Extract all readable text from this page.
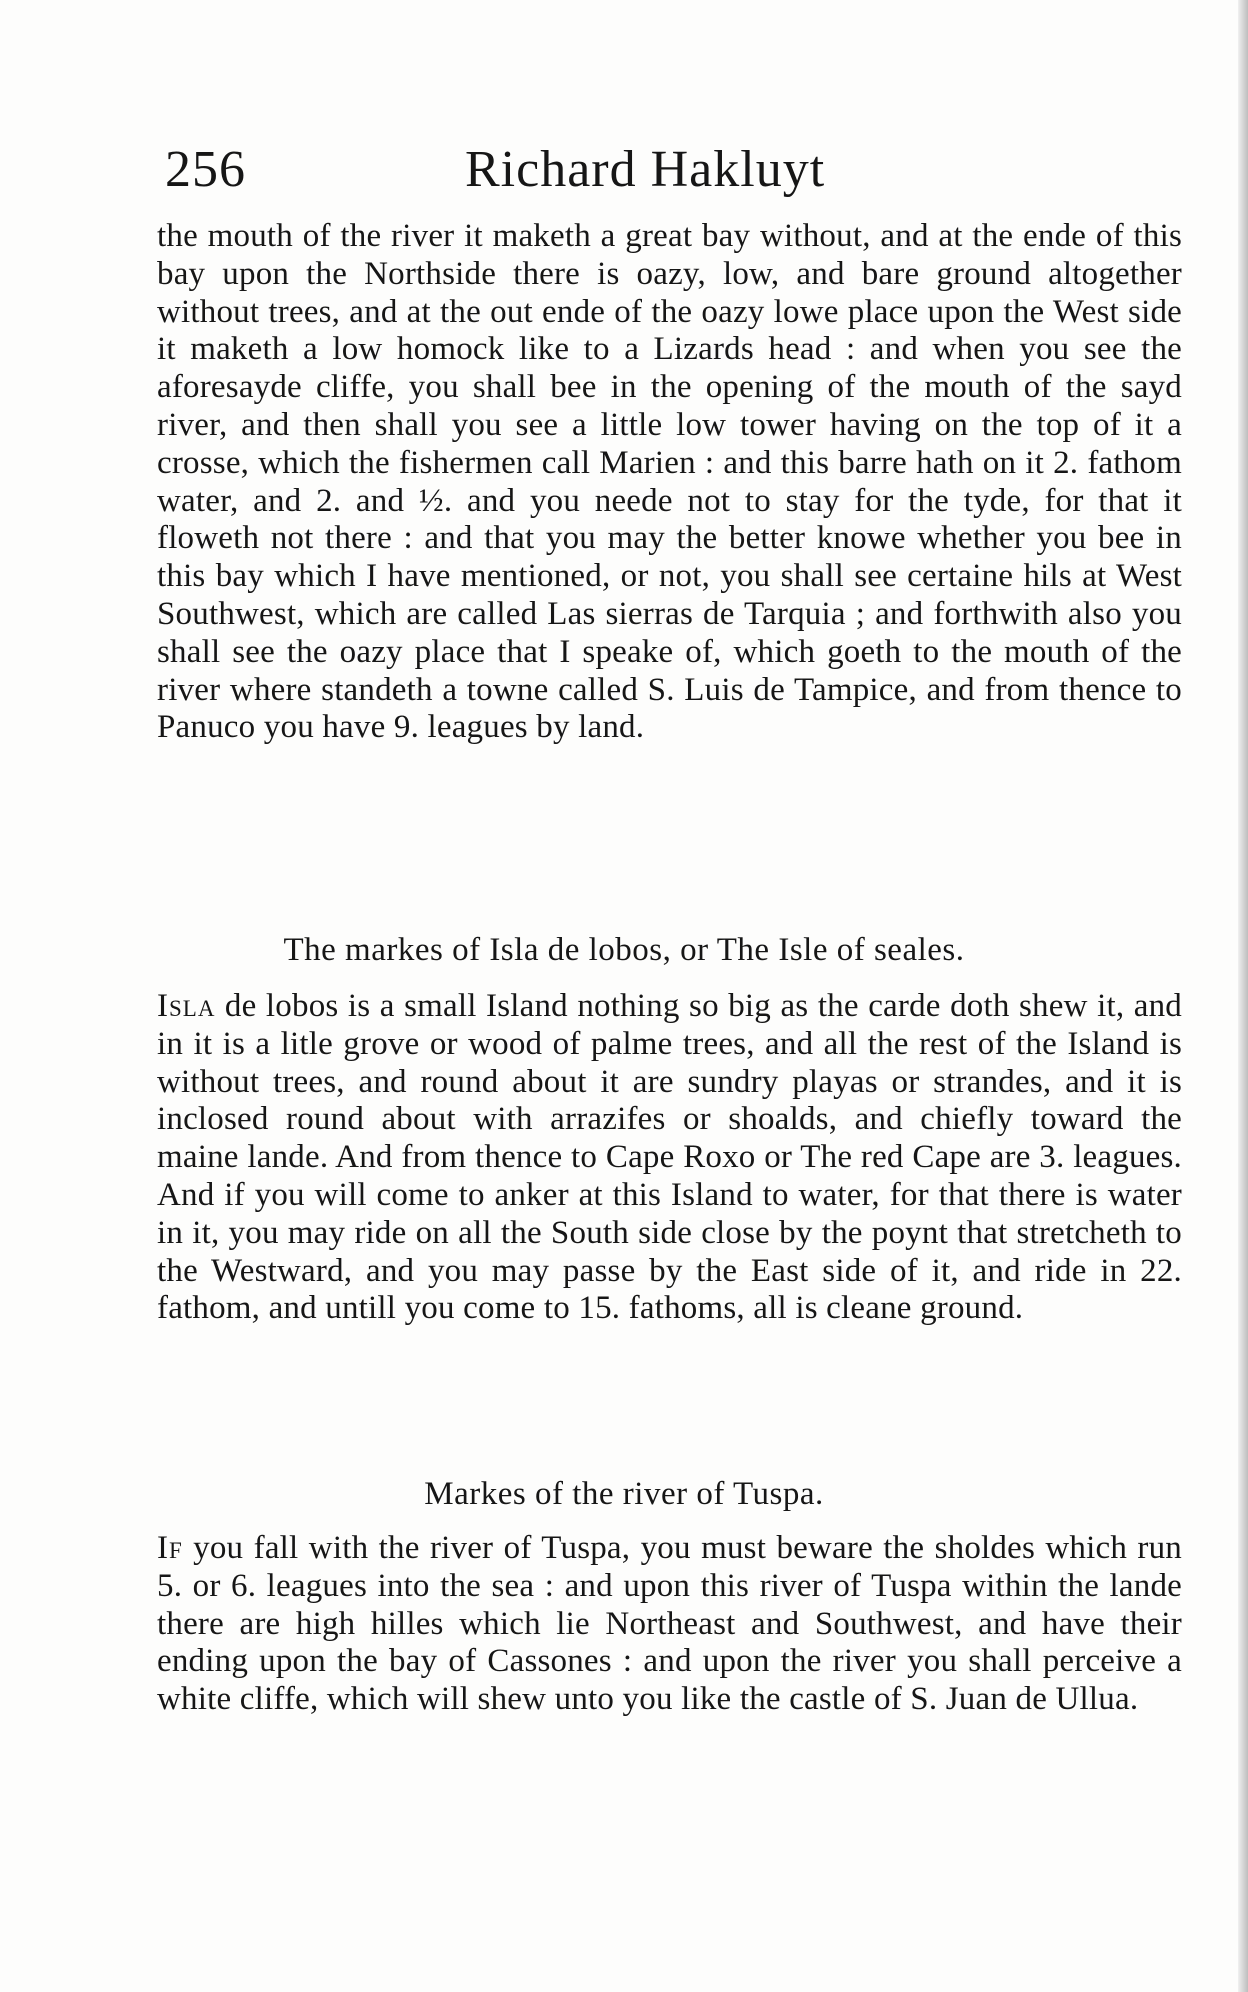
256	Richard Hakluyt

the mouth of the river it maketh a great bay without, and at the ende of this bay upon the Northside there is oazy, low, and bare ground altogether without trees, and at the out ende of the oazy lowe place upon the West side it maketh a low homock like to a Lizards head : and when you see the aforesayde cliffe, you shall bee in the opening of the mouth of the sayd river, and then shall you see a little low tower having on the top of it a crosse, which the fishermen call Marien : and this barre hath on it 2. fathom water, and 2. and ½. and you neede not to stay for the tyde, for that it floweth not there : and that you may the better knowe whether you bee in this bay which I have mentioned, or not, you shall see certaine hils at West Southwest, which are called Las sierras de Tarquia ; and forthwith also you shall see the oazy place that I speake of, which goeth to the mouth of the river where standeth a towne called S. Luis de Tampice, and from thence to Panuco you have 9. leagues by land.

The markes of Isla de lobos, or The Isle of seales.

Isla de lobos is a small Island nothing so big as the carde doth shew it, and in it is a litle grove or wood of palme trees, and all the rest of the Island is without trees, and round about it are sundry playas or strandes, and it is inclosed round about with arrazifes or shoalds, and chiefly toward the maine lande. And from thence to Cape Roxo or The red Cape are 3. leagues. And if you will come to anker at this Island to water, for that there is water in it, you may ride on all the South side close by the poynt that stretcheth to the Westward, and you may passe by the East side of it, and ride in 22. fathom, and untill you come to 15. fathoms, all is cleane ground.

Markes of the river of Tuspa.

If you fall with the river of Tuspa, you must beware the sholdes which run 5. or 6. leagues into the sea : and upon this river of Tuspa within the lande there are high hilles which lie Northeast and Southwest, and have their ending upon the bay of Cassones : and upon the river you shall perceive a white cliffe, which will shew unto you like the castle of S. Juan de Ullua.
